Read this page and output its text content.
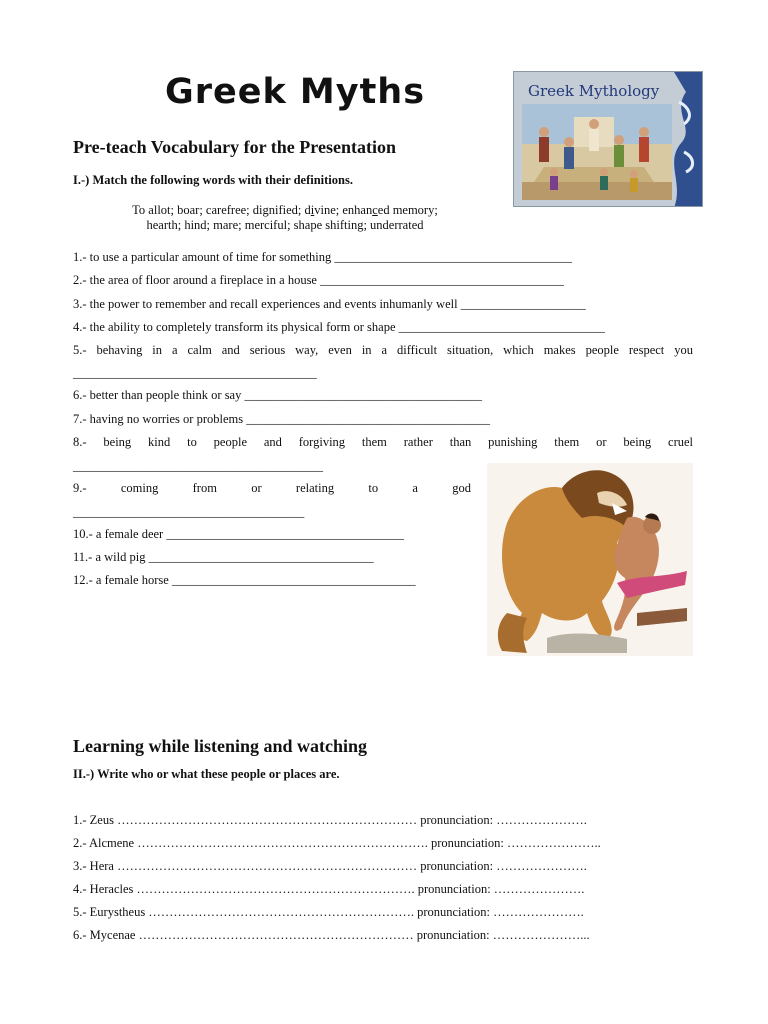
Greek Myths	Greek Mythology
Pre-teach Vocabulary for the Presentation

I.-) Match the following words with their definitions.

To allot; boar; carefree; dignified; divine; enhanced memory;
hearth; hind; mare; merciful; shape shifting; underrated
1.- to use a particular amount of time for something ______________________________________
2.- the area of floor around a fireplace in a house _______________________________________
3.- the power to remember and recall experiences and events inhumanly well ____________________
4.- the ability to completely transform its physical form or shape _________________________________
5.- behaving in a calm and serious way, even in a difficult situation, which makes people respect you
_______________________________________
6.- better than people think or say ______________________________________
7.- having no worries or problems _______________________________________
8.- being kind to people and forgiving them rather than punishing them or being cruel
________________________________________
9.- coming from or relating to a god
_____________________________________
10.- a female deer ______________________________________
11.- a wild pig ____________________________________
12.- a female horse _______________________________________
Learning while listening and watching

II.-) Write who or what these people or places are.

1.- Zeus ……………………………………………………………… pronunciation: ………………….
2.- Alcmene ……………………………………………………………. pronunciation: …………………..
3.- Hera ……………………………………………………………… pronunciation: ………………….
4.- Heracles …………………………………………………………. pronunciation: ………………….
5.- Eurystheus ………………………………………………………. pronunciation: ………………….
6.- Mycenae ………………………………………………………… pronunciation: …………………...
